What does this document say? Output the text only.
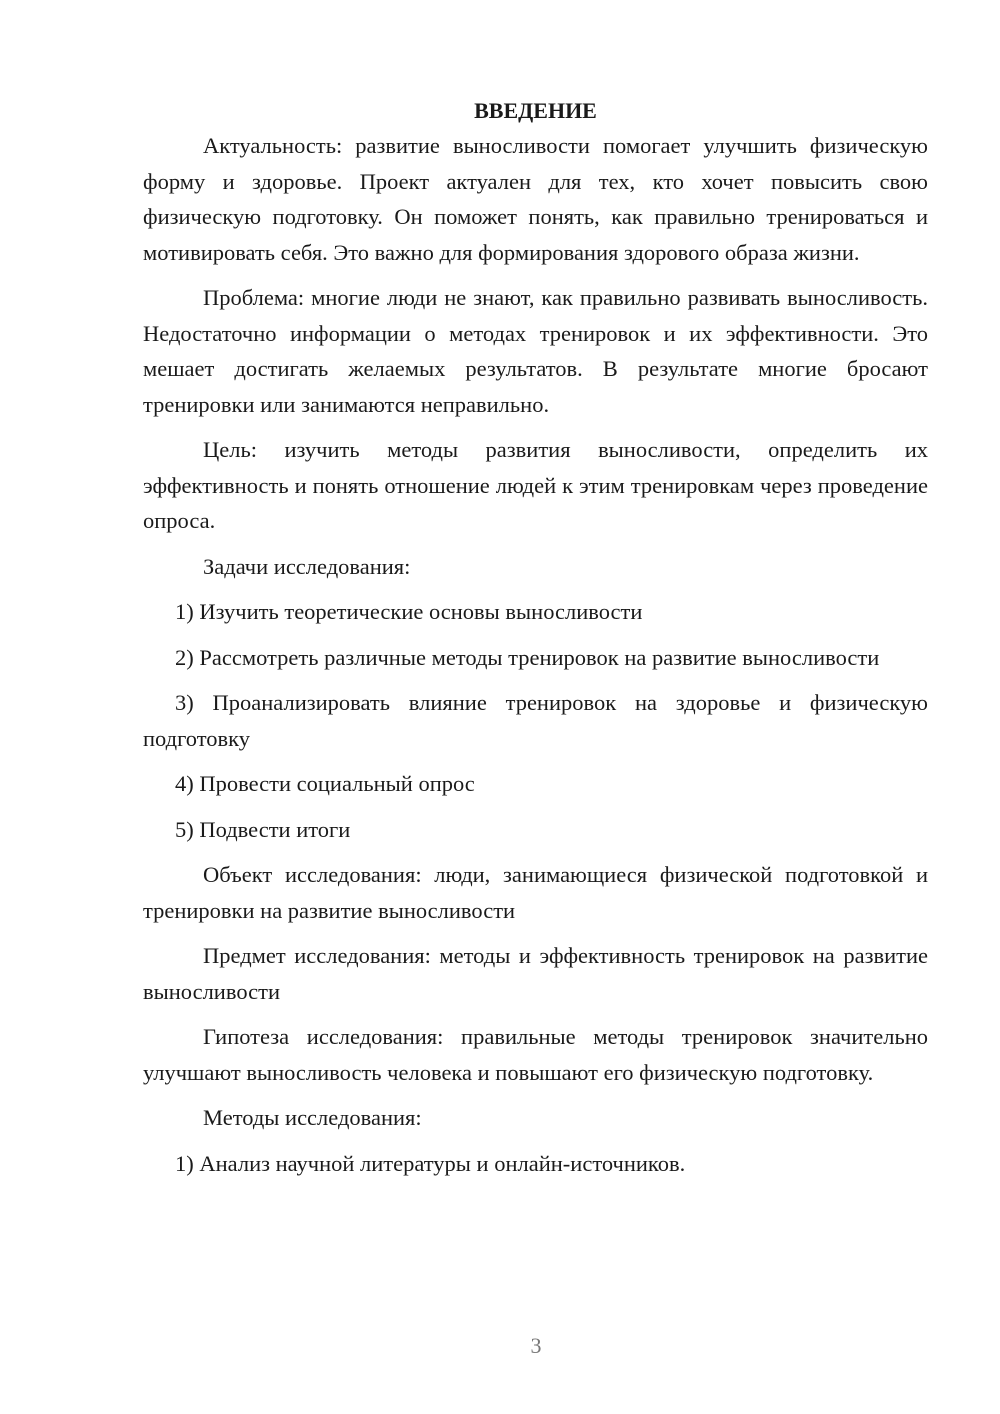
ВВЕДЕНИЕ

Актуальность: развитие выносливости помогает улучшить физическую форму и здоровье. Проект актуален для тех, кто хочет повысить свою физическую подготовку. Он поможет понять, как правильно тренироваться и мотивировать себя. Это важно для формирования здорового образа жизни.

Проблема: многие люди не знают, как правильно развивать выносливость. Недостаточно информации о методах тренировок и их эффективности. Это мешает достигать желаемых результатов. В результате многие бросают тренировки или занимаются неправильно.

Цель: изучить методы развития выносливости, определить их эффективность и понять отношение людей к этим тренировкам через проведение опроса.

Задачи исследования:

1) Изучить теоретические основы выносливости

2) Рассмотреть различные методы тренировок на развитие выносливости

3) Проанализировать влияние тренировок на здоровье и физическую подготовку

4) Провести социальный опрос

5) Подвести итоги

Объект исследования: люди, занимающиеся физической подготовкой и тренировки на развитие выносливости

Предмет исследования: методы и эффективность тренировок на развитие выносливости

Гипотеза исследования: правильные методы тренировок значительно улучшают выносливость человека и повышают его физическую подготовку.

Методы исследования:

1) Анализ научной литературы и онлайн-источников.

3
